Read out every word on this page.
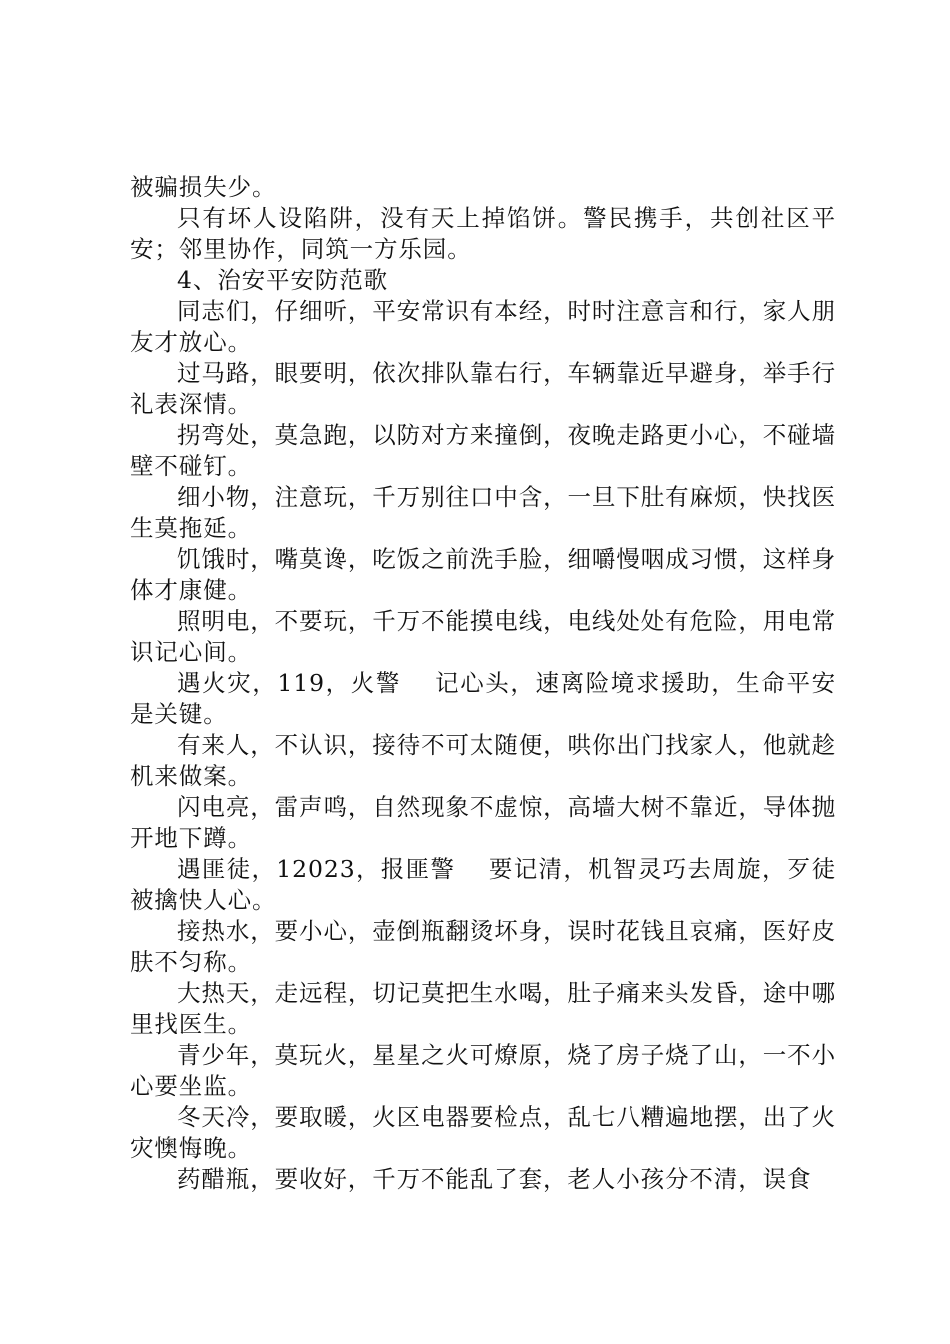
被骗损失少。

只有坏人设陷阱，没有天上掉馅饼。警民携手，共创社区平安；邻里协作，同筑一方乐园。

4、治安平安防范歌

同志们，仔细听，平安常识有本经，时时注意言和行，家人朋友才放心。

过马路，眼要明，依次排队靠右行，车辆靠近早避身，举手行礼表深情。

拐弯处，莫急跑，以防对方来撞倒，夜晚走路更小心，不碰墙壁不碰钉。

细小物，注意玩，千万别往口中含，一旦下肚有麻烦，快找医生莫拖延。

饥饿时，嘴莫谗，吃饭之前洗手脸，细嚼慢咽成习惯，这样身体才康健。

照明电，不要玩，千万不能摸电线，电线处处有危险，用电常识记心间。

遇火灾，119，火警　 记心头，速离险境求援助，生命平安是关键。

有来人，不认识，接待不可太随便，哄你出门找家人，他就趁机来做案。

闪电亮，雷声鸣，自然现象不虚惊，高墙大树不靠近，导体抛开地下蹲。

遇匪徒，12023，报匪警　 要记清，机智灵巧去周旋，歹徒被擒快人心。

接热水，要小心，壶倒瓶翻烫坏身，误时花钱且哀痛，医好皮肤不匀称。

大热天，走远程，切记莫把生水喝，肚子痛来头发昏，途中哪里找医生。

青少年，莫玩火，星星之火可燎原，烧了房子烧了山，一不小心要坐监。

冬天冷，要取暖，火区电器要检点，乱七八糟遍地摆，出了火灾懊悔晚。

药醋瓶，要收好，千万不能乱了套，老人小孩分不清，误食
